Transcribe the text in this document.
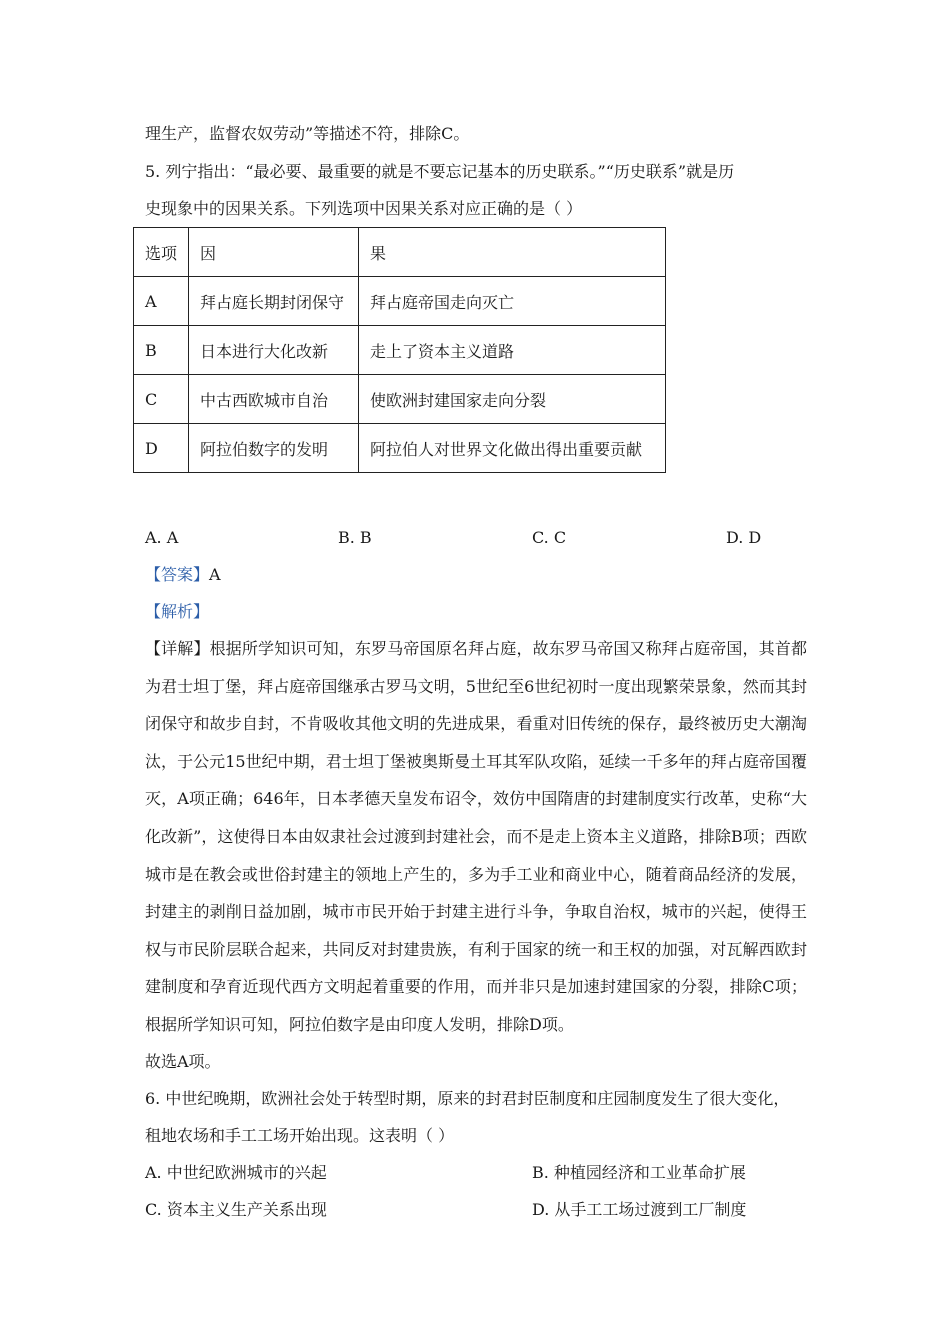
理生产，监督农奴劳动”等描述不符，排除C。
5. 列宁指出：“最必要、最重要的就是不要忘记基本的历史联系。”“历史联系”就是历
史现象中的因果关系。下列选项中因果关系对应正确的是（ ）
选项	因	果
A	拜占庭长期封闭保守	拜占庭帝国走向灭亡
B	日本进行大化改新	走上了资本主义道路
C	中古西欧城市自治	使欧洲封建国家走向分裂
D	阿拉伯数字的发明	阿拉伯人对世界文化做出得出重要贡献
A. A	B. B	C. C	D. D
【答案】A
【解析】
【详解】根据所学知识可知，东罗马帝国原名拜占庭，故东罗马帝国又称拜占庭帝国，其首都为君士坦丁堡，拜占庭帝国继承古罗马文明，5世纪至6世纪初时一度出现繁荣景象，然而其封闭保守和故步自封，不肯吸收其他文明的先进成果，看重对旧传统的保存，最终被历史大潮淘汰，于公元15世纪中期，君士坦丁堡被奥斯曼土耳其军队攻陷，延续一千多年的拜占庭帝国覆灭，A项正确；646年，日本孝德天皇发布诏令，效仿中国隋唐的封建制度实行改革，史称“大化改新”，这使得日本由奴隶社会过渡到封建社会，而不是走上资本主义道路，排除B项；西欧城市是在教会或世俗封建主的领地上产生的，多为手工业和商业中心，随着商品经济的发展，封建主的剥削日益加剧，城市市民开始于封建主进行斗争，争取自治权，城市的兴起，使得王权与市民阶层联合起来，共同反对封建贵族，有利于国家的统一和王权的加强，对瓦解西欧封建制度和孕育近现代西方文明起着重要的作用，而并非只是加速封建国家的分裂，排除C项；根据所学知识可知，阿拉伯数字是由印度人发明，排除D项。
故选A项。
6. 中世纪晚期，欧洲社会处于转型时期，原来的封君封臣制度和庄园制度发生了很大变化，
租地农场和手工工场开始出现。这表明（ ）
A. 中世纪欧洲城市的兴起	B. 种植园经济和工业革命扩展
C. 资本主义生产关系出现	D. 从手工工场过渡到工厂制度
